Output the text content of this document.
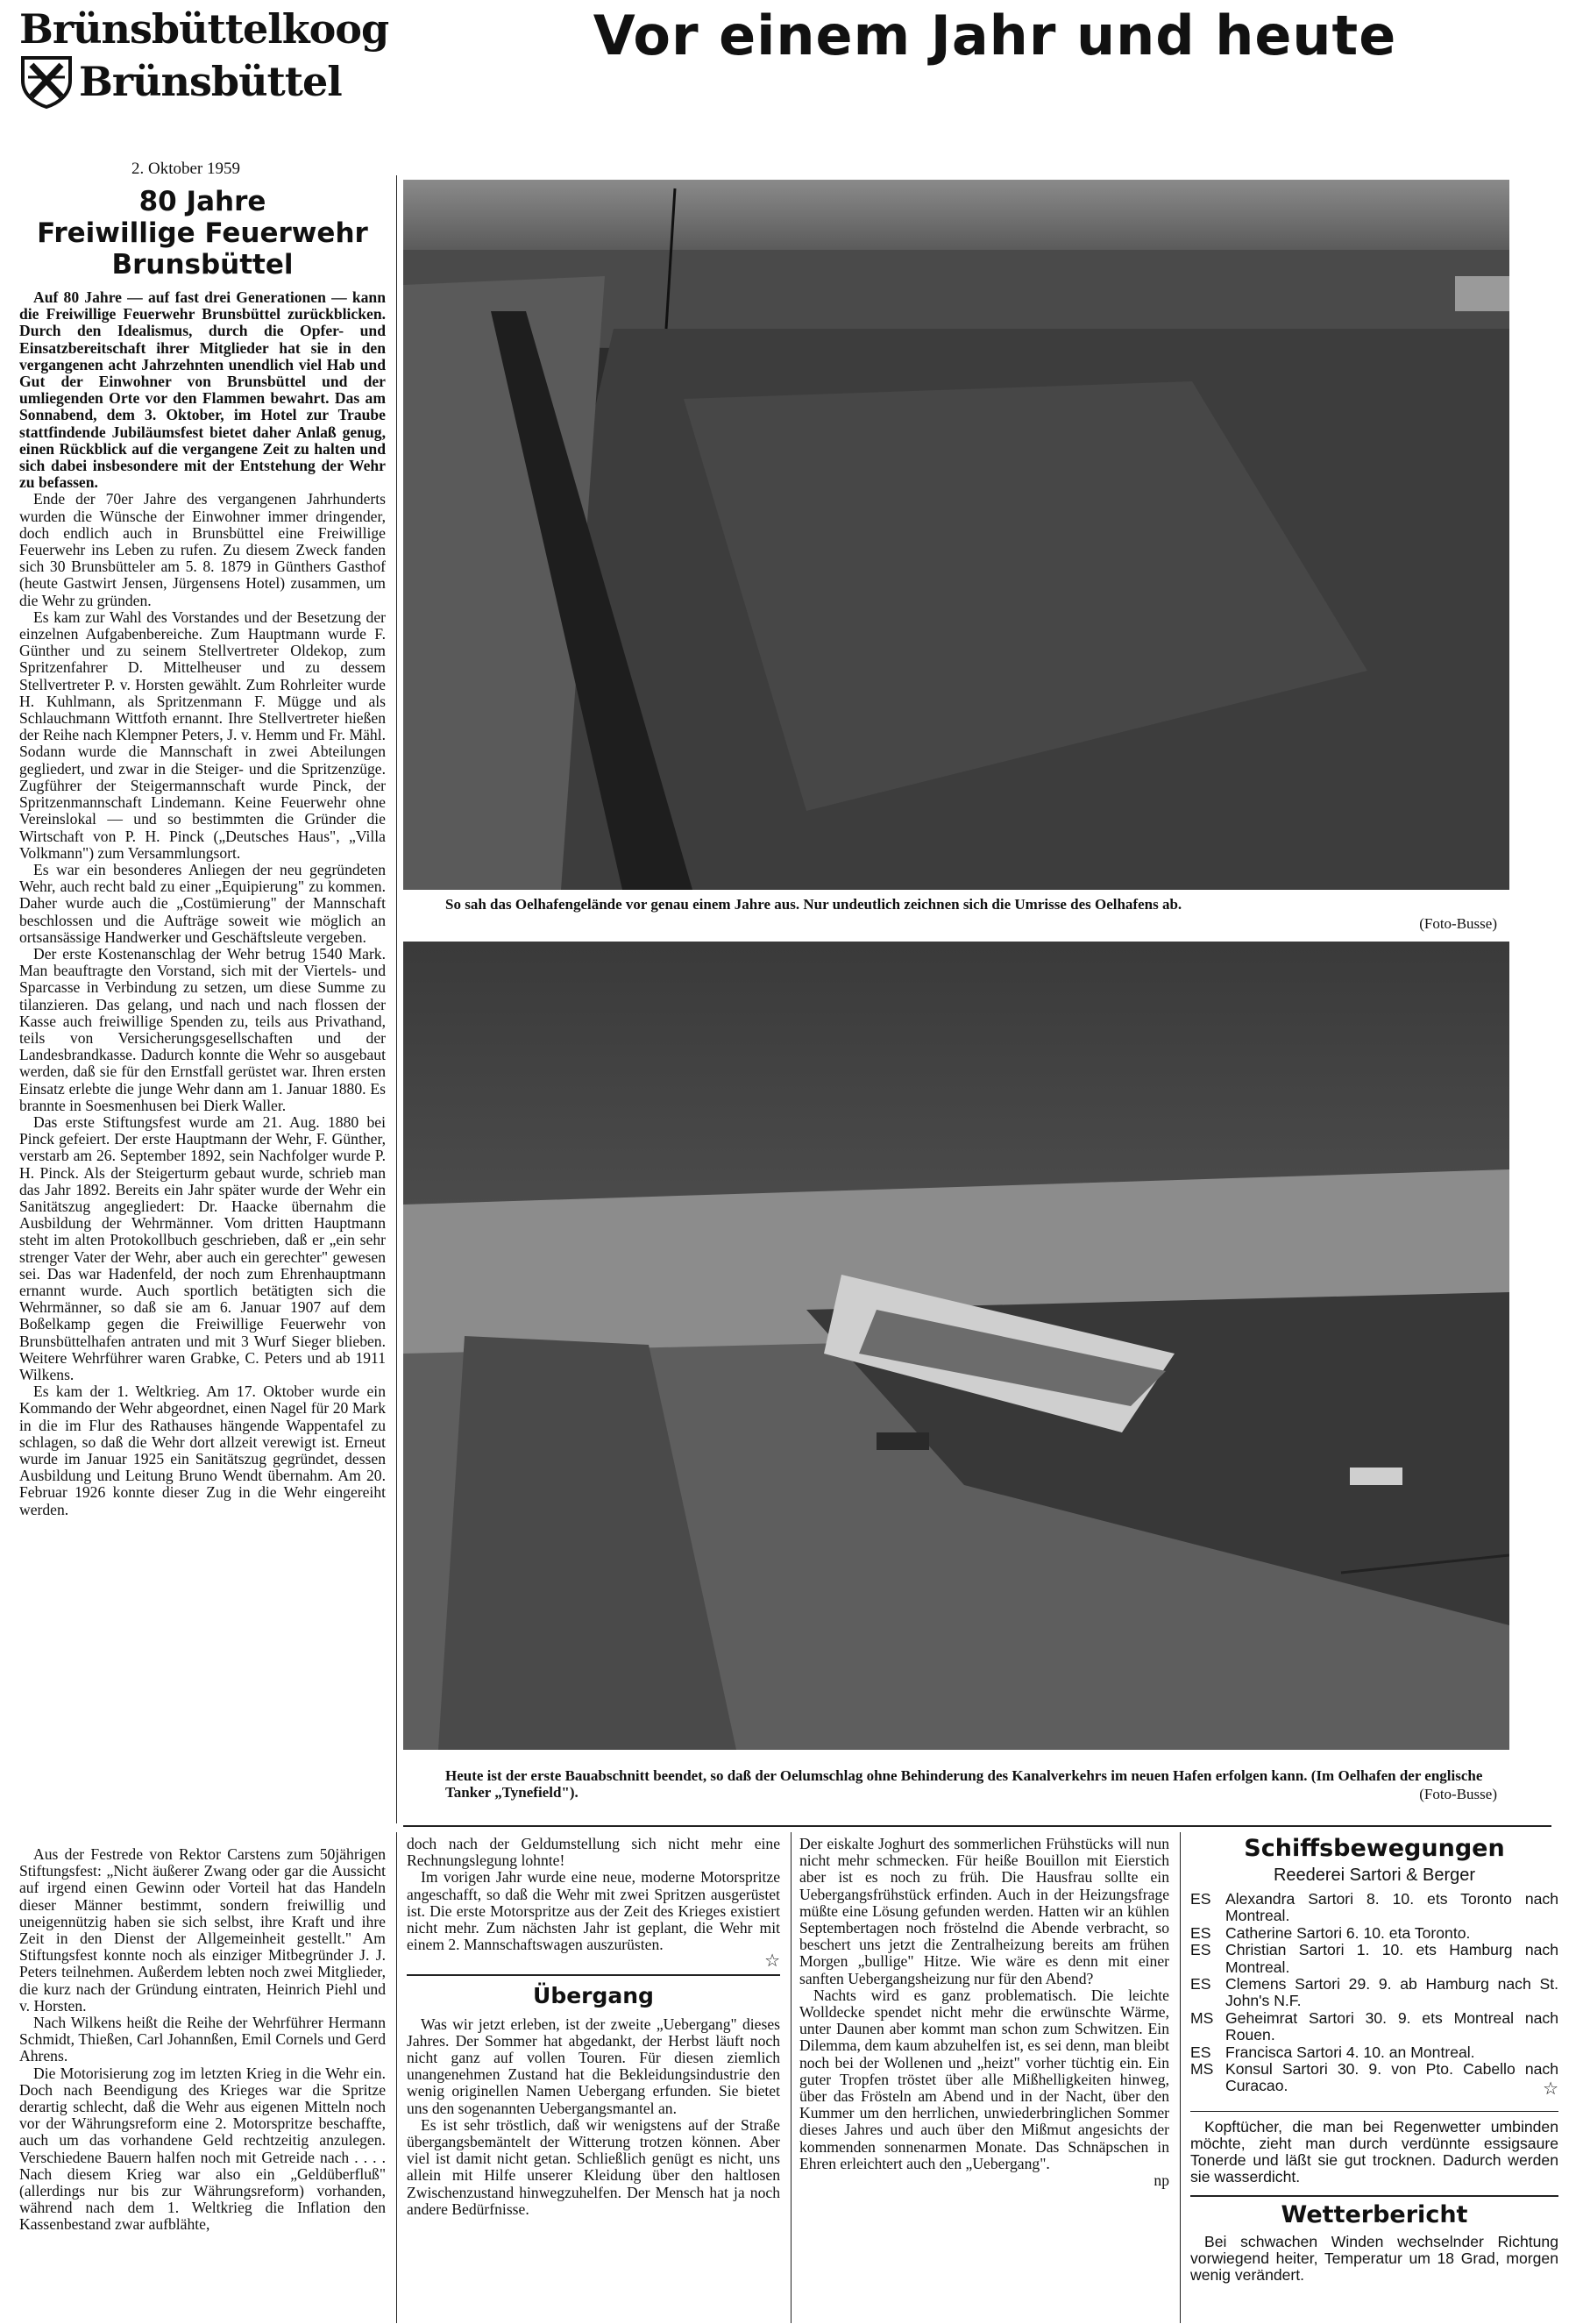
Brünsbüttelkoog
Brünsbüttel
2. Oktober 1959
Vor einem Jahr und heute
80 Jahre
Freiwillige Feuerwehr
Brunsbüttel

Auf 80 Jahre — auf fast drei Generationen — kann die Freiwillige Feuerwehr Brunsbüttel zurückblicken. Durch den Idealismus, durch die Opfer- und Einsatzbereitschaft ihrer Mitglieder hat sie in den vergangenen acht Jahrzehnten unendlich viel Hab und Gut der Einwohner von Brunsbüttel und der umliegenden Orte vor den Flammen bewahrt. Das am Sonnabend, dem 3. Oktober, im Hotel zur Traube stattfindende Jubiläumsfest bietet daher Anlaß genug, einen Rückblick auf die vergangene Zeit zu halten und sich dabei insbesondere mit der Entstehung der Wehr zu befassen.

Ende der 70er Jahre des vergangenen Jahrhunderts wurden die Wünsche der Einwohner immer dringender, doch endlich auch in Brunsbüttel eine Freiwillige Feuerwehr ins Leben zu rufen. Zu diesem Zweck fanden sich 30 Brunsbütteler am 5. 8. 1879 in Günthers Gasthof (heute Gastwirt Jensen, Jürgensens Hotel) zusammen, um die Wehr zu gründen.

Es kam zur Wahl des Vorstandes und der Besetzung der einzelnen Aufgabenbereiche. Zum Hauptmann wurde F. Günther und zu seinem Stellvertreter Oldekop, zum Spritzenfahrer D. Mittelheuser und zu dessem Stellvertreter P. v. Horsten gewählt. Zum Rohrleiter wurde H. Kuhlmann, als Spritzenmann F. Mügge und als Schlauchmann Wittfoth ernannt. Ihre Stellvertreter hießen der Reihe nach Klempner Peters, J. v. Hemm und Fr. Mähl. Sodann wurde die Mannschaft in zwei Abteilungen gegliedert, und zwar in die Steiger- und die Spritzenzüge. Zugführer der Steigermannschaft wurde Pinck, der Spritzenmannschaft Lindemann. Keine Feuerwehr ohne Vereinslokal — und so bestimmten die Gründer die Wirtschaft von P. H. Pinck („Deutsches Haus", „Villa Volkmann") zum Versammlungsort.

Es war ein besonderes Anliegen der neu gegründeten Wehr, auch recht bald zu einer „Equipierung" zu kommen. Daher wurde auch die „Costümierung" der Mannschaft beschlossen und die Aufträge soweit wie möglich an ortsansässige Handwerker und Geschäftsleute vergeben.

Der erste Kostenanschlag der Wehr betrug 1540 Mark. Man beauftragte den Vorstand, sich mit der Viertels- und Sparcasse in Verbindung zu setzen, um diese Summe zu tilanzieren. Das gelang, und nach und nach flossen der Kasse auch freiwillige Spenden zu, teils aus Privathand, teils von Versicherungsgesellschaften und der Landesbrandkasse. Dadurch konnte die Wehr so ausgebaut werden, daß sie für den Ernstfall gerüstet war. Ihren ersten Einsatz erlebte die junge Wehr dann am 1. Januar 1880. Es brannte in Soesmenhusen bei Dierk Waller.

Das erste Stiftungsfest wurde am 21. Aug. 1880 bei Pinck gefeiert. Der erste Hauptmann der Wehr, F. Günther, verstarb am 26. September 1892, sein Nachfolger wurde P. H. Pinck. Als der Steigerturm gebaut wurde, schrieb man das Jahr 1892. Bereits ein Jahr später wurde der Wehr ein Sanitätszug angegliedert: Dr. Haacke übernahm die Ausbildung der Wehrmänner. Vom dritten Hauptmann steht im alten Protokollbuch geschrieben, daß er „ein sehr strenger Vater der Wehr, aber auch ein gerechter" gewesen sei. Das war Hadenfeld, der noch zum Ehrenhauptmann ernannt wurde. Auch sportlich betätigten sich die Wehrmänner, so daß sie am 6. Januar 1907 auf dem Boßelkamp gegen die Freiwillige Feuerwehr von Brunsbüttelhafen antraten und mit 3 Wurf Sieger blieben. Weitere Wehrführer waren Grabke, C. Peters und ab 1911 Wilkens.

Es kam der 1. Weltkrieg. Am 17. Oktober wurde ein Kommando der Wehr abgeordnet, einen Nagel für 20 Mark in die im Flur des Rathauses hängende Wappentafel zu schlagen, so daß die Wehr dort allzeit verewigt ist. Erneut wurde im Januar 1925 ein Sanitätszug gegründet, dessen Ausbildung und Leitung Bruno Wendt übernahm. Am 20. Februar 1926 konnte dieser Zug in die Wehr eingereiht werden.

So sah das Oelhafengelände vor genau einem Jahre aus. Nur undeutlich zeichnen sich die Umrisse des Oelhafens ab.
(Foto-Busse)
Heute ist der erste Bauabschnitt beendet, so daß der Oelumschlag ohne Behinderung des Kanalverkehrs im neuen Hafen erfolgen kann. (Im Oelhafen der englische Tanker „Tynefield").	(Foto-Busse)

Aus der Festrede von Rektor Carstens zum 50jährigen Stiftungsfest: „Nicht äußerer Zwang oder gar die Aussicht auf irgend einen Gewinn oder Vorteil hat das Handeln dieser Männer bestimmt, sondern freiwillig und uneigennützig haben sie sich selbst, ihre Kraft und ihre Zeit in den Dienst der Allgemeinheit gestellt." Am Stiftungsfest konnte noch als einziger Mitbegründer J. J. Peters teilnehmen. Außerdem lebten noch zwei Mitglieder, die kurz nach der Gründung eintraten, Heinrich Piehl und v. Horsten.

Nach Wilkens heißt die Reihe der Wehrführer Hermann Schmidt, Thießen, Carl Johannßen, Emil Cornels und Gerd Ahrens.

Die Motorisierung zog im letzten Krieg in die Wehr ein. Doch nach Beendigung des Krieges war die Spritze derartig schlecht, daß die Wehr aus eigenen Mitteln noch vor der Währungsreform eine 2. Motorspritze beschaffte, auch um das vorhandene Geld rechtzeitig anzulegen. Verschiedene Bauern halfen noch mit Getreide nach . . . . Nach diesem Krieg war also ein „Geldüberfluß" (allerdings nur bis zur Währungsreform) vorhanden, während nach dem 1. Weltkrieg die Inflation den Kassenbestand zwar aufblähte,

doch nach der Geldumstellung sich nicht mehr eine Rechnungslegung lohnte!

Im vorigen Jahr wurde eine neue, moderne Motorspritze angeschafft, so daß die Wehr mit zwei Spritzen ausgerüstet ist. Die erste Motorspritze aus der Zeit des Krieges existiert nicht mehr. Zum nächsten Jahr ist geplant, die Wehr mit einem 2. Mannschaftswagen auszurüsten.

☆
Übergang

Was wir jetzt erleben, ist der zweite „Uebergang" dieses Jahres. Der Sommer hat abgedankt, der Herbst läuft noch nicht ganz auf vollen Touren. Für diesen ziemlich unangenehmen Zustand hat die Bekleidungsindustrie den wenig originellen Namen Uebergang erfunden. Sie bietet uns den sogenannten Uebergangsmantel an.

Es ist sehr tröstlich, daß wir wenigstens auf der Straße übergangsbemäntelt der Witterung trotzen können. Aber viel ist damit nicht getan. Schließlich genügt es nicht, uns allein mit Hilfe unserer Kleidung über den haltlosen Zwischenzustand hinwegzuhelfen. Der Mensch hat ja noch andere Bedürfnisse.

Der eiskalte Joghurt des sommerlichen Frühstücks will nun nicht mehr schmecken. Für heiße Bouillon mit Eierstich aber ist es noch zu früh. Die Hausfrau sollte ein Uebergangsfrühstück erfinden. Auch in der Heizungsfrage müßte eine Lösung gefunden werden. Hatten wir an kühlen Septembertagen noch fröstelnd die Abende verbracht, so beschert uns jetzt die Zentralheizung bereits am frühen Morgen „bullige" Hitze. Wie wäre es denn mit einer sanften Uebergangsheizung nur für den Abend?

Nachts wird es ganz problematisch. Die leichte Wolldecke spendet nicht mehr die erwünschte Wärme, unter Daunen aber kommt man schon zum Schwitzen. Ein Dilemma, dem kaum abzuhelfen ist, es sei denn, man bleibt noch bei der Wollenen und „heizt" vorher tüchtig ein. Ein guter Tropfen tröstet über alle Mißhelligkeiten hinweg, über das Frösteln am Abend und in der Nacht, über den Kummer um den herrlichen, unwiederbringlichen Sommer dieses Jahres und auch über den Mißmut angesichts der kommenden sonnenarmen Monate. Das Schnäpschen in Ehren erleichtert auch den „Uebergang".

np
Schiffsbewegungen
Reederei Sartori & Berger
ES Alexandra Sartori 8. 10. ets Toronto nach Montreal.
ES Catherine Sartori 6. 10. eta Toronto.
ES Christian Sartori 1. 10. ets Hamburg nach Montreal.
ES Clemens Sartori 29. 9. ab Hamburg nach St. John's N.F.
MS Geheimrat Sartori 30. 9. ets Montreal nach Rouen.
ES Francisca Sartori 4. 10. an Montreal.
MS Konsul Sartori 30. 9. von Pto. Cabello nach Curacao.	☆

Kopftücher, die man bei Regenwetter umbinden möchte, zieht man durch verdünnte essigsaure Tonerde und läßt sie gut trocknen. Dadurch werden sie wasserdicht.

Wetterbericht

Bei schwachen Winden wechselnder Richtung vorwiegend heiter, Temperatur um 18 Grad, morgen wenig verändert.
